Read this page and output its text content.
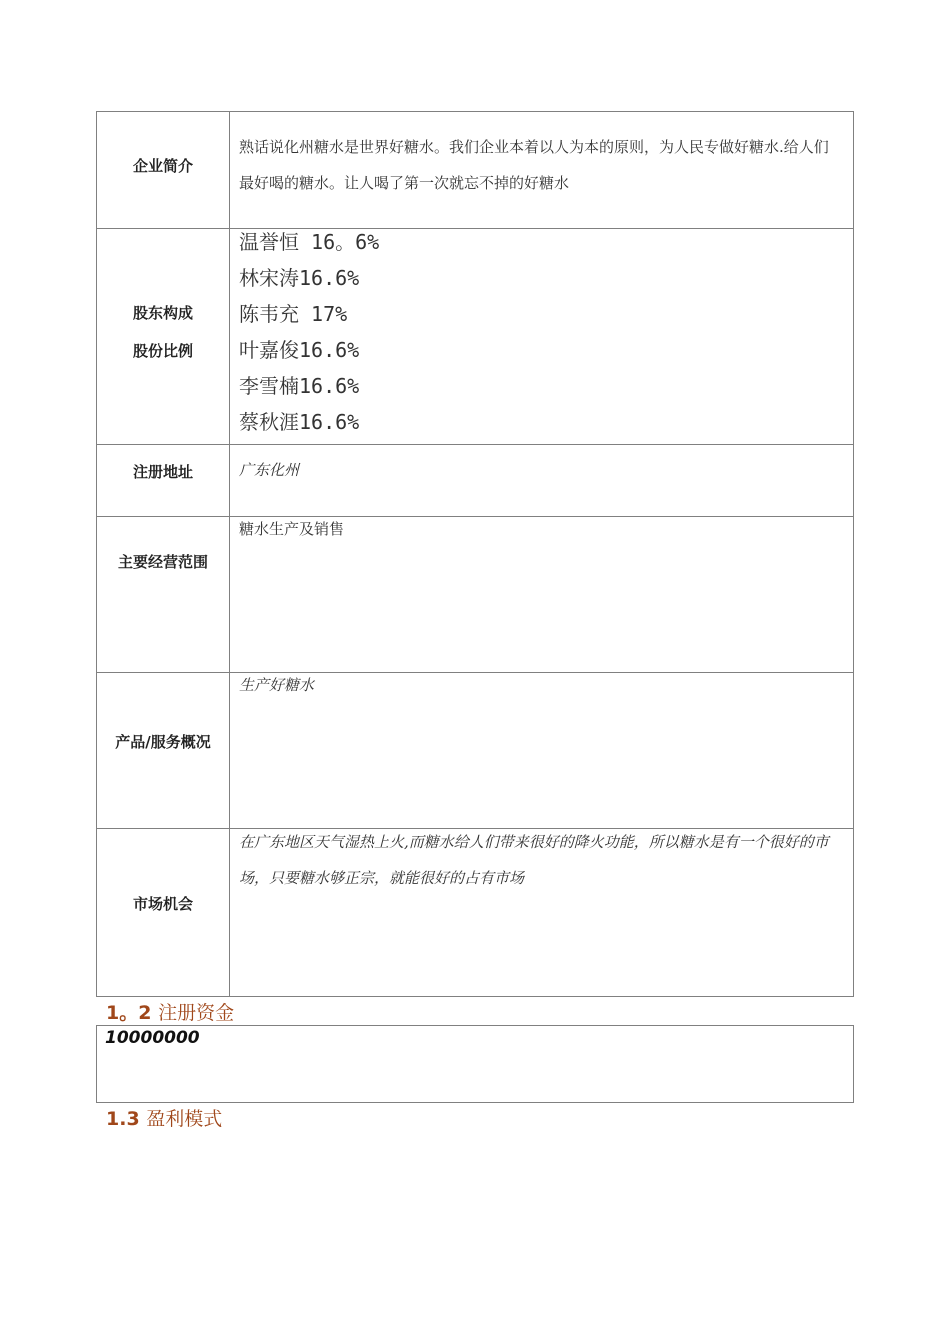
企业简介
熟话说化州糖水是世界好糖水。我们企业本着以人为本的原则，为人民专做好糖水.给人们最好喝的糖水。让人喝了第一次就忘不掉的好糖水
股东构成
股份比例
温誉恒 16。6%
林宋涛16.6%
陈韦充 17%
叶嘉俊16.6%
李雪楠16.6%
蔡秋涯16.6%
注册地址	广东化州
主要经营范围
糖水生产及销售
产品/服务概况
生产好糖水
市场机会
在广东地区天气湿热上火,而糖水给人们带来很好的降火功能，所以糖水是有一个很好的市场，只要糖水够正宗，就能很好的占有市场
1。2 注册资金
10000000
1.3 盈利模式
